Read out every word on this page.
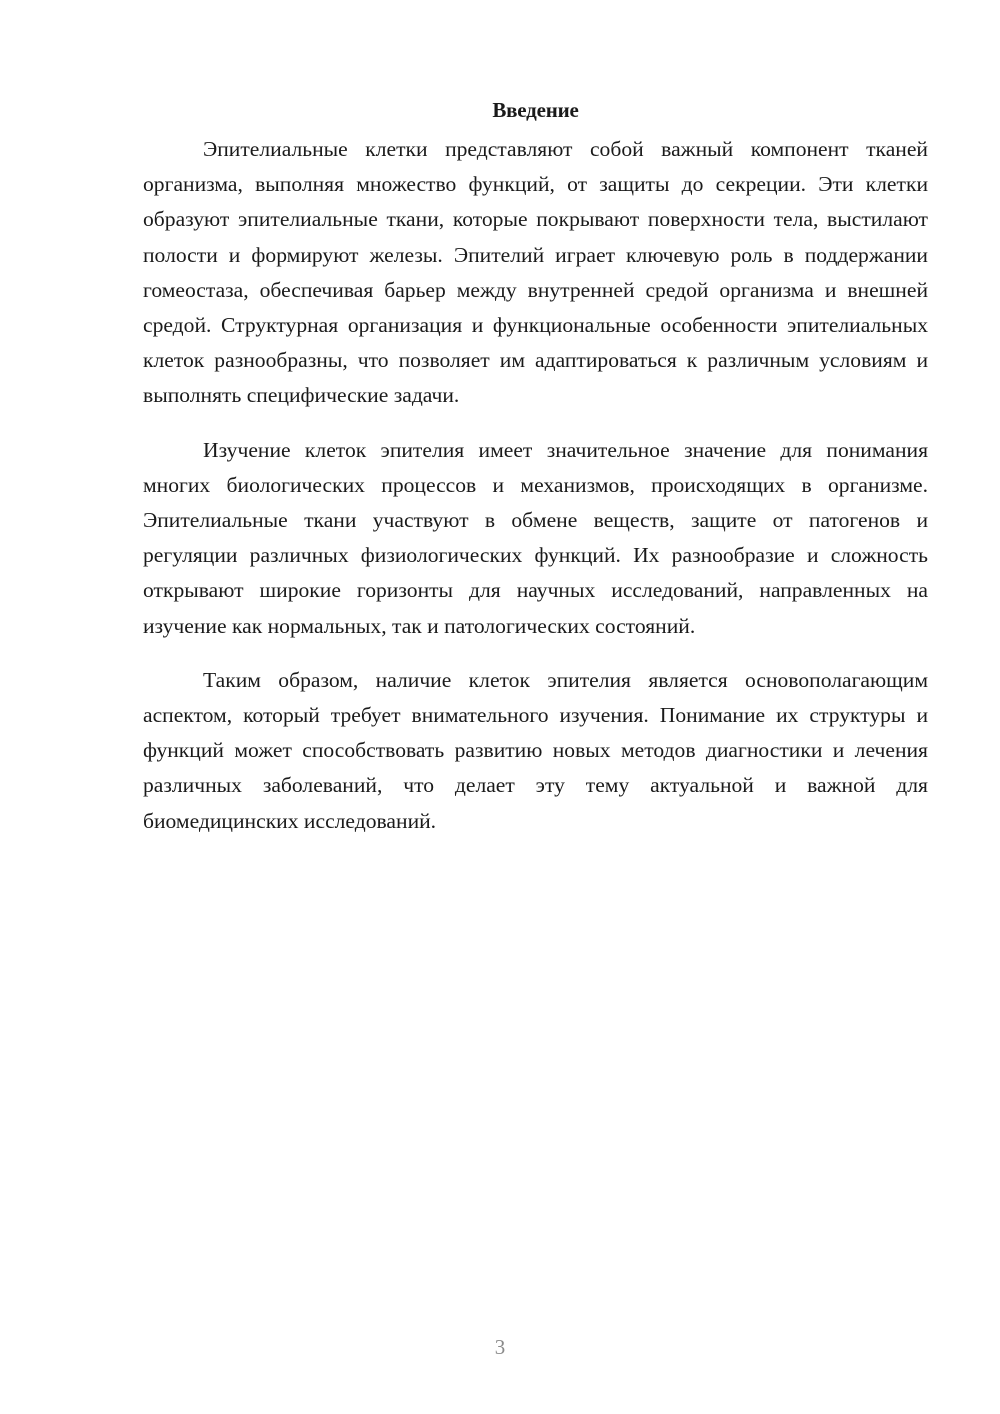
Введение

Эпителиальные клетки представляют собой важный компонент тканей организма, выполняя множество функций, от защиты до секреции. Эти клетки образуют эпителиальные ткани, которые покрывают поверхности тела, выстилают полости и формируют железы. Эпителий играет ключевую роль в поддержании гомеостаза, обеспечивая барьер между внутренней средой организма и внешней средой. Структурная организация и функциональные особенности эпителиальных клеток разнообразны, что позволяет им адаптироваться к различным условиям и выполнять специфические задачи.

Изучение клеток эпителия имеет значительное значение для понимания многих биологических процессов и механизмов, происходящих в организме. Эпителиальные ткани участвуют в обмене веществ, защите от патогенов и регуляции различных физиологических функций. Их разнообразие и сложность открывают широкие горизонты для научных исследований, направленных на изучение как нормальных, так и патологических состояний.

Таким образом, наличие клеток эпителия является основополагающим аспектом, который требует внимательного изучения. Понимание их структуры и функций может способствовать развитию новых методов диагностики и лечения различных заболеваний, что делает эту тему актуальной и важной для биомедицинских исследований.

3
